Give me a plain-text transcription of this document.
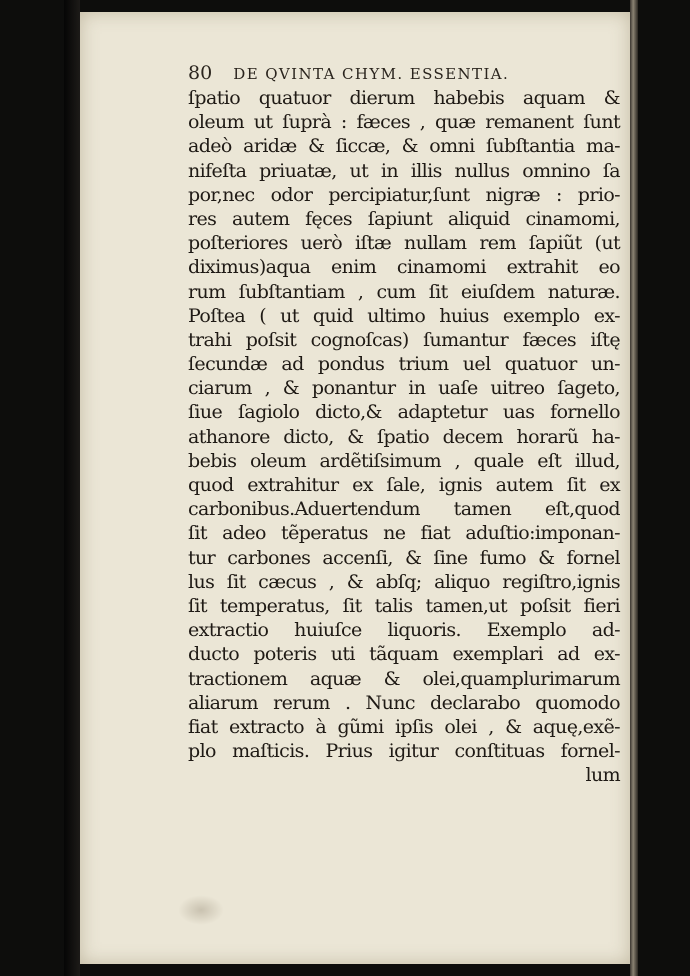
80 DE QVINTA CHYM. ESSENTIA.
ſpatio quatuor dierum habebis aquam &
oleum ut ſuprà : fæces , quæ remanent ſunt
adeò aridæ & ſiccæ, & omni ſubſtantia ma-
nifeſta priuatæ, ut in illis nullus omnino ſa
por,nec odor percipiatur,ſunt nigræ : prio-
res autem fęces ſapiunt aliquid cinamomi,
poſteriores uerò iſtæ nullam rem ſapiũt (ut
diximus)aqua enim cinamomi extrahit eo
rum ſubſtantiam , cum ſit eiuſdem naturæ.
Poſtea ( ut quid ultimo huius exemplo ex-
trahi poſsit cognoſcas) ſumantur fæces iſtę
ſecundæ ad pondus trium uel quatuor un-
ciarum , & ponantur in uaſe uitreo ſageto,
ſiue ſagiolo dicto,& adaptetur uas fornello
athanore dicto, & ſpatio decem horarũ ha-
bebis oleum ardẽtiſsimum , quale eſt illud,
quod extrahitur ex ſale, ignis autem ſit ex
carbonibus.Aduertendum tamen eſt,quod
ſit adeo tẽperatus ne fiat aduſtio:imponan-
tur carbones accenſi, & ſine fumo & fornel
lus ſit cæcus , & abſq; aliquo regiſtro,ignis
ſit temperatus, ſit talis tamen,ut poſsit fieri
extractio huiuſce liquoris. Exemplo ad-
ducto poteris uti tãquam exemplari ad ex-
tractionem aquæ & olei,quamplurimarum
aliarum rerum . Nunc declarabo quomodo
fiat extracto à gũmi ipſis olei , & aquę,exẽ-
plo maſticis. Prius igitur conſtituas fornel-
lum
